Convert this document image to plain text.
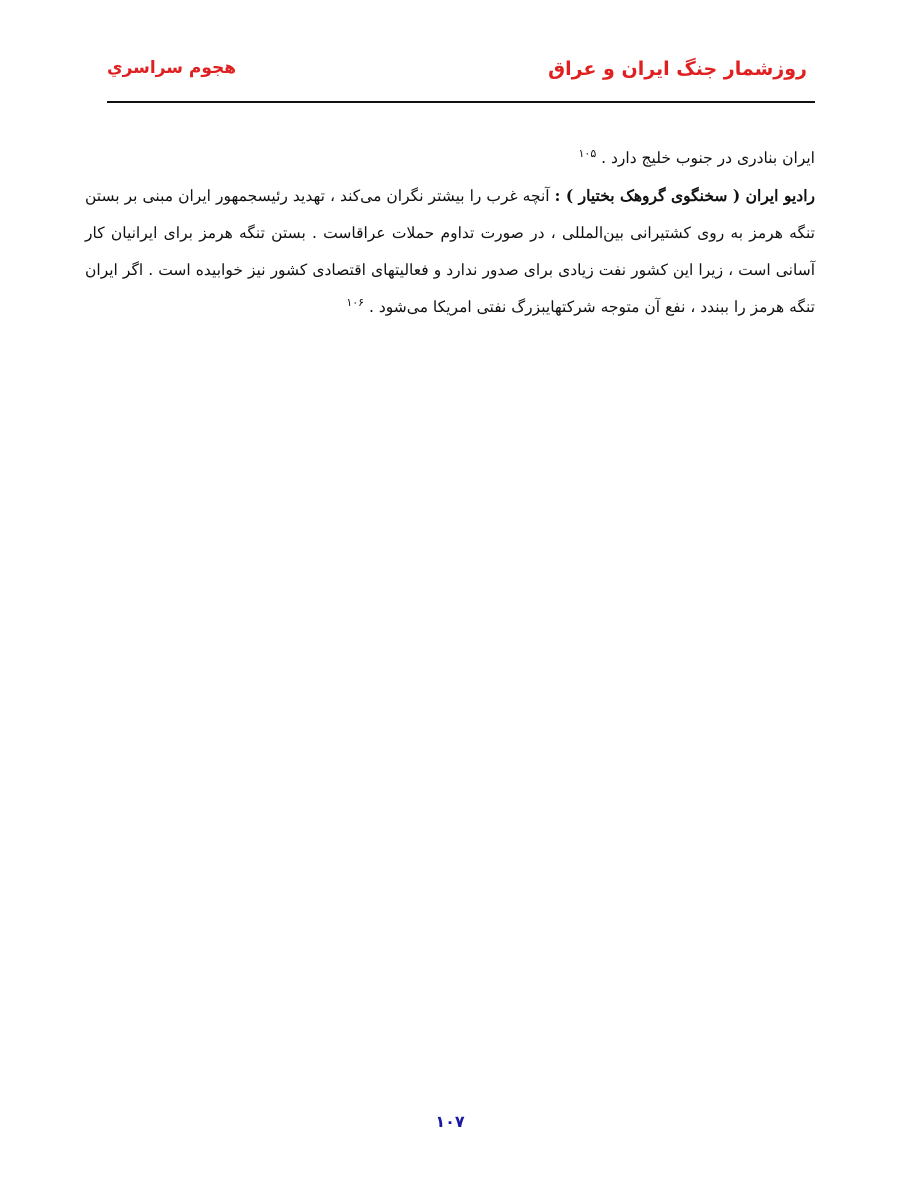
روزشمار جنگ ایران و عراق
هجوم سراسري

ایران بنادری در جنوب خلیج دارد . $^{۱۰۵}$

رادیو ایران ( سخنگوی گروهک بختیار ) : آنچه غرب را بیشتر نگران می‌کند ، تهدید رئیسجمهور ایران مبنی بر بستن تنگه هرمز به روی کشتیرانی بین‌المللی ، در صورت تداوم حملات عراقاست . بستن تنگه هرمز برای ایرانیان کار آسانی است ، زیرا این کشور نفت زیادی برای صدور ندارد و فعالیتهای اقتصادی کشور نیز خوابیده است . اگر ایران تنگه هرمز را ببندد ، نفع آن متوجه شرکتهایبزرگ نفتی امریکا می‌شود . $^{۱۰۶}$

۱۰۷
